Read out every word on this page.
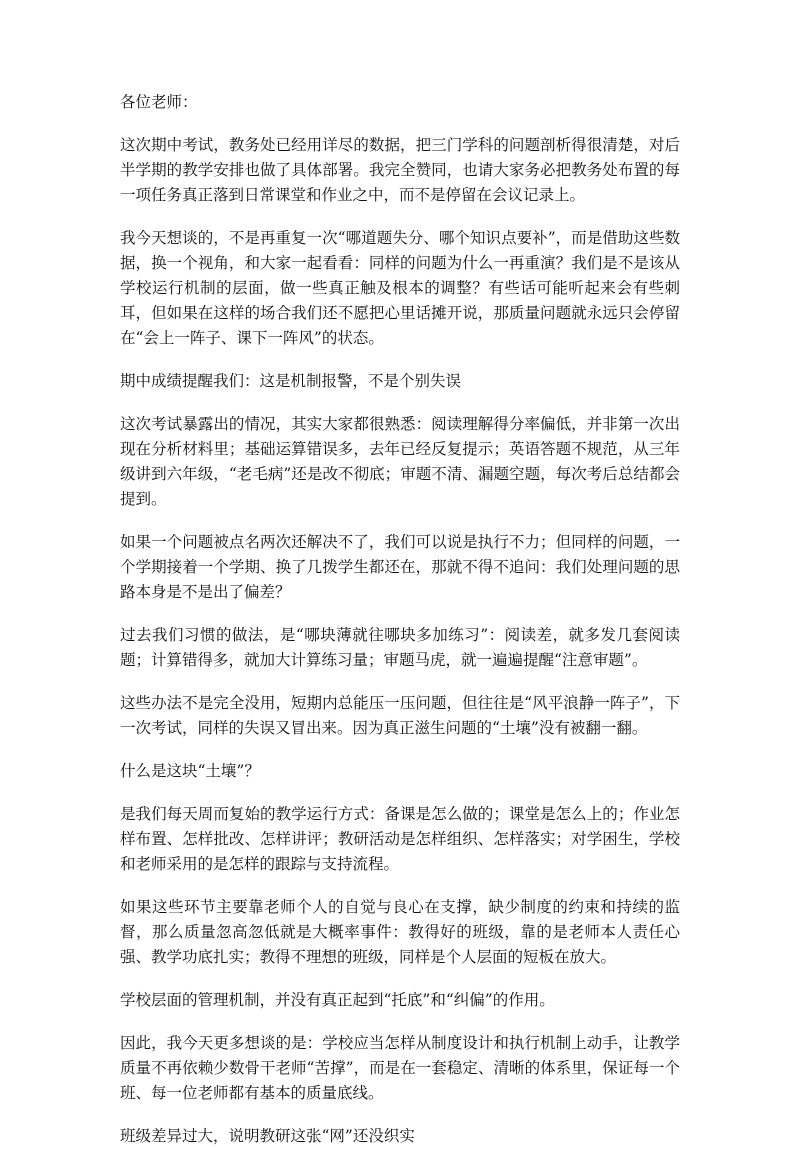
各位老师：

这次期中考试，教务处已经用详尽的数据，把三门学科的问题剖析得很清楚，对后半学期的教学安排也做了具体部署。我完全赞同，也请大家务必把教务处布置的每一项任务真正落到日常课堂和作业之中，而不是停留在会议记录上。

我今天想谈的，不是再重复一次“哪道题失分、哪个知识点要补”，而是借助这些数据，换一个视角，和大家一起看看：同样的问题为什么一再重演？我们是不是该从学校运行机制的层面，做一些真正触及根本的调整？有些话可能听起来会有些刺耳，但如果在这样的场合我们还不愿把心里话摊开说，那质量问题就永远只会停留在“会上一阵子、课下一阵风”的状态。

期中成绩提醒我们：这是机制报警，不是个别失误

这次考试暴露出的情况，其实大家都很熟悉：阅读理解得分率偏低，并非第一次出现在分析材料里；基础运算错误多，去年已经反复提示；英语答题不规范，从三年级讲到六年级，“老毛病”还是改不彻底；审题不清、漏题空题，每次考后总结都会提到。

如果一个问题被点名两次还解决不了，我们可以说是执行不力；但同样的问题，一个学期接着一个学期、换了几拨学生都还在，那就不得不追问：我们处理问题的思路本身是不是出了偏差？

过去我们习惯的做法，是“哪块薄就往哪块多加练习”：阅读差，就多发几套阅读题；计算错得多，就加大计算练习量；审题马虎，就一遍遍提醒“注意审题”。

这些办法不是完全没用，短期内总能压一压问题，但往往是“风平浪静一阵子”，下一次考试，同样的失误又冒出来。因为真正滋生问题的“土壤”没有被翻一翻。

什么是这块“土壤”？

是我们每天周而复始的教学运行方式：备课是怎么做的；课堂是怎么上的；作业怎样布置、怎样批改、怎样讲评；教研活动是怎样组织、怎样落实；对学困生，学校和老师采用的是怎样的跟踪与支持流程。

如果这些环节主要靠老师个人的自觉与良心在支撑，缺少制度的约束和持续的监督，那么质量忽高忽低就是大概率事件：教得好的班级，靠的是老师本人责任心强、教学功底扎实；教得不理想的班级，同样是个人层面的短板在放大。

学校层面的管理机制，并没有真正起到“托底”和“纠偏”的作用。

因此，我今天更多想谈的是：学校应当怎样从制度设计和执行机制上动手，让教学质量不再依赖少数骨干老师“苦撑”，而是在一套稳定、清晰的体系里，保证每一个班、每一位老师都有基本的质量底线。

班级差异过大，说明教研这张“网”还没织实
